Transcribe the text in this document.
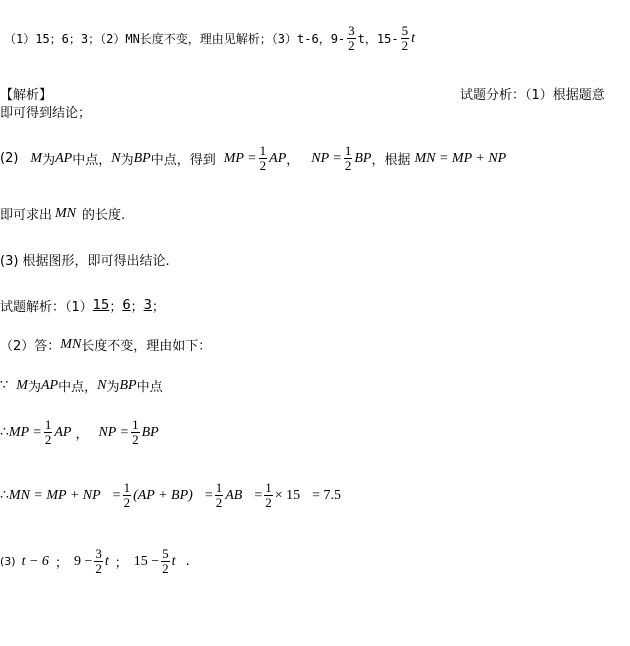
（1）15；6；3；（2）MN长度不变，理由见解析；（3）t-6，$9- \frac{3}{2}$ t，$15- \frac{5}{2}$ t
【解析】	试题分析：（1）根据题意
即可得到结论；
(2) M 为 AP 中点， N 为 BP 中点，得到 MP = $\frac{1}{2}$ AP ， NP = $\frac{1}{2}$ BP ，根据 MN = MP + NP
即可求出 MN 的长度.
(3) 根据图形，即可得出结论.
试题解析：（1） 15 ； 6 ； 3 ；
（2）答： MN 长度不变，理由如下：
∵ M 为 AP 中点， N 为 BP 中点
∴ MP = $\frac{1}{2}$ AP ， NP = $\frac{1}{2}$ BP
∴ MN = MP + NP = $\frac{1}{2} (AP + BP) = \frac{1}{2}$ AB = $\frac{1}{2} \times 15 = 7.5$
(3) t − 6 ； $9 - \frac{3}{2}$ t ； $15 - \frac{5}{2}$ t .
